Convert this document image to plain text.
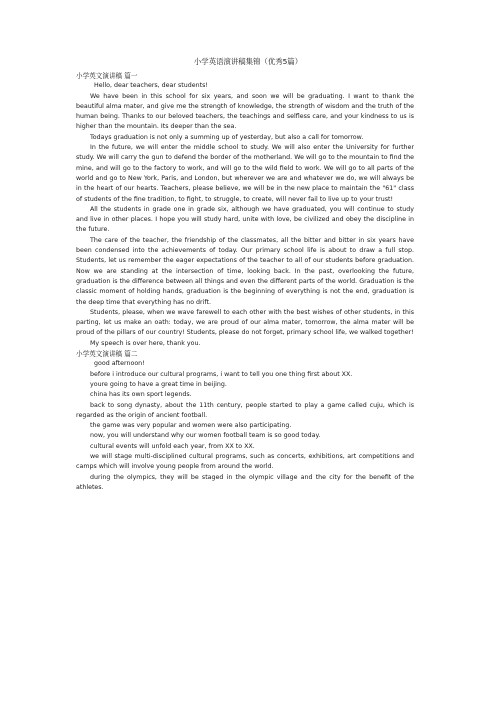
小学英语演讲稿集锦（优秀5篇）

小学英文演讲稿 篇一

Hello, dear teachers, dear students!

We have been in this school for six years, and soon we will be graduating. I want to thank the beautiful alma mater, and give me the strength of knowledge, the strength of wisdom and the truth of the human being. Thanks to our beloved teachers, the teachings and selfless care, and your kindness to us is higher than the mountain. Its deeper than the sea.

Todays graduation is not only a summing up of yesterday, but also a call for tomorrow.

In the future, we will enter the middle school to study. We will also enter the University for further study. We will carry the gun to defend the border of the motherland. We will go to the mountain to find the mine, and will go to the factory to work, and will go to the wild field to work. We will go to all parts of the world and go to New York, Paris, and London, but wherever we are and whatever we do, we will always be in the heart of our hearts. Teachers, please believe, we will be in the new place to maintain the "61" class of students of the fine tradition, to fight, to struggle, to create, will never fail to live up to your trust!

All the students in grade one in grade six, although we have graduated, you will continue to study and live in other places. I hope you will study hard, unite with love, be civilized and obey the discipline in the future.

The care of the teacher, the friendship of the classmates, all the bitter and bitter in six years have been condensed into the achievements of today. Our primary school life is about to draw a full stop. Students, let us remember the eager expectations of the teacher to all of our students before graduation. Now we are standing at the intersection of time, looking back. In the past, overlooking the future, graduation is the difference between all things and even the different parts of the world. Graduation is the classic moment of holding hands, graduation is the beginning of everything is not the end, graduation is the deep time that everything has no drift.

Students, please, when we wave farewell to each other with the best wishes of other students, in this parting, let us make an oath: today, we are proud of our alma mater, tomorrow, the alma mater will be proud of the pillars of our country! Students, please do not forget, primary school life, we walked together!

My speech is over here, thank you.

小学英文演讲稿 篇二

good afternoon!

before i introduce our cultural programs, i want to tell you one thing first about XX.

youre going to have a great time in beijing.

china has its own sport legends.

back to song dynasty, about the 11th century, people started to play a game called cuju, which is regarded as the origin of ancient football.

the game was very popular and women were also participating.

now, you will understand why our women football team is so good today.

cultural events will unfold each year, from XX to XX.

we will stage multi-disciplined cultural programs, such as concerts, exhibitions, art competitions and camps which will involve young people from around the world.

during the olympics, they will be staged in the olympic village and the city for the benefit of the athletes.
